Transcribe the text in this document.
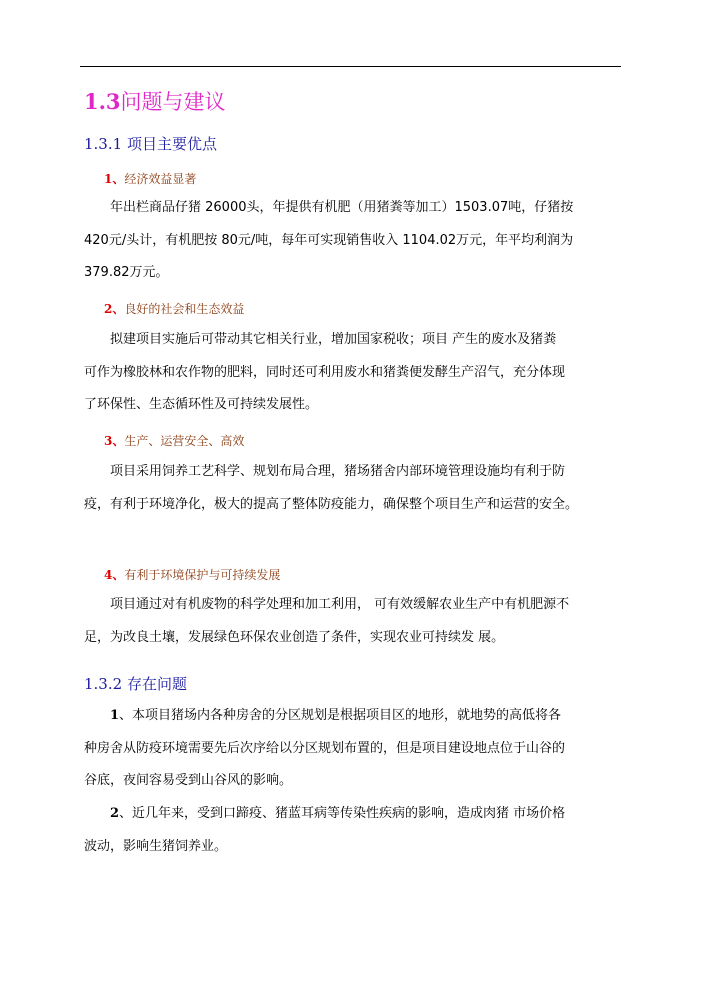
1.3问题与建议
1.3.1 项目主要优点
1、经济效益显著
年出栏商品仔猪 26000头，年提供有机肥（用猪粪等加工）1503.07吨，仔猪按
420元/头计，有机肥按 80元/吨，每年可实现销售收入 1104.02万元，年平均利润为
379.82万元。
2、良好的社会和生态效益
拟建项目实施后可带动其它相关行业，增加国家税收；项目 产生的废水及猪粪
可作为橡胶林和农作物的肥料，同时还可利用废水和猪粪便发酵生产沼气，充分体现
了环保性、生态循环性及可持续发展性。
3、生产、运营安全、高效
项目采用饲养工艺科学、规划布局合理，猪场猪舍内部环境管理设施均有利于防
疫，有利于环境净化，极大的提高了整体防疫能力，确保整个项目生产和运营的安全。
4、有利于环境保护与可持续发展
项目通过对有机废物的科学处理和加工利用， 可有效缓解农业生产中有机肥源不
足，为改良土壤，发展绿色环保农业创造了条件，实现农业可持续发 展。
1.3.2 存在问题
1、本项目猪场内各种房舍的分区规划是根据项目区的地形，就地势的高低将各
种房舍从防疫环境需要先后次序给以分区规划布置的，但是项目建设地点位于山谷的
谷底，夜间容易受到山谷风的影响。
2、近几年来，受到口蹄疫、猪蓝耳病等传染性疾病的影响，造成肉猪 市场价格
波动，影响生猪饲养业。
